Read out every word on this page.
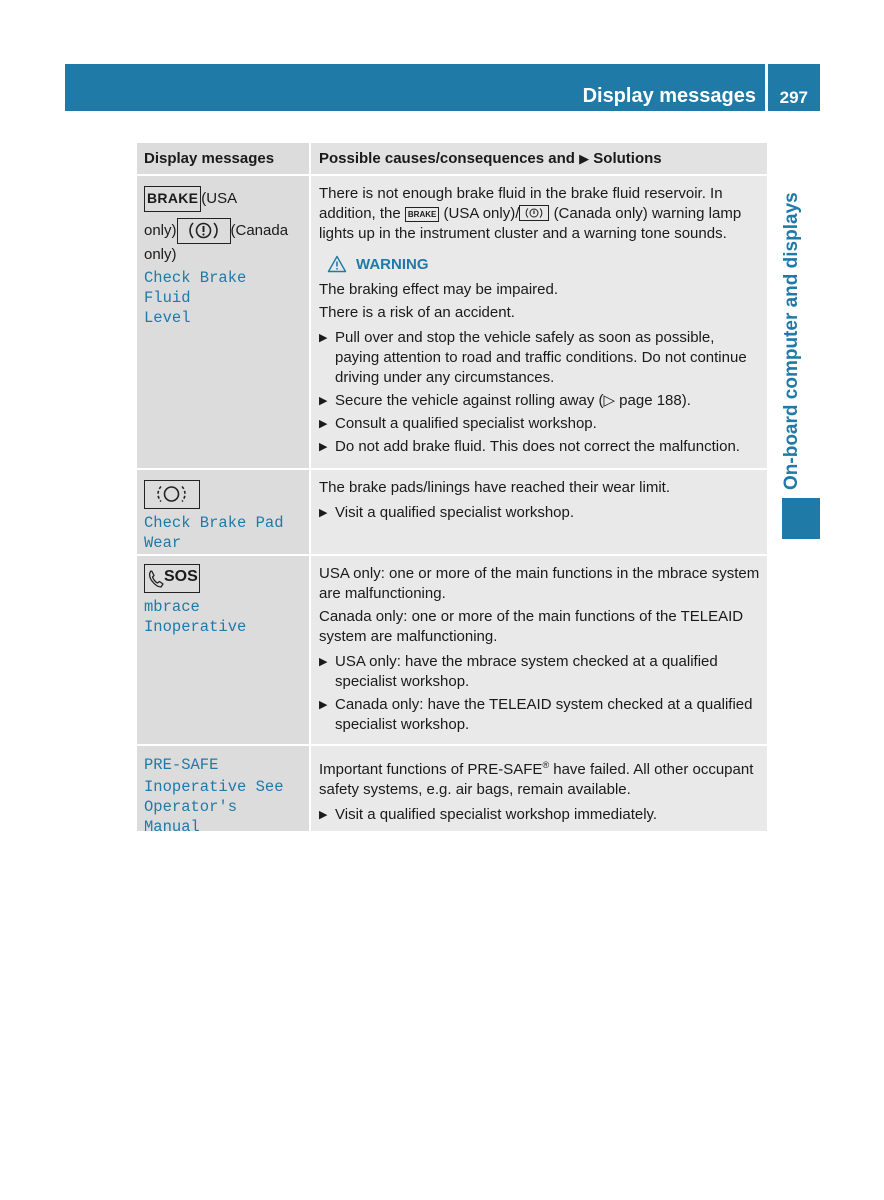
Display messages 297
On-board computer and displays
Display messages	Possible causes/consequences and ▶ Solutions
BRAKE (USA
only)	(Canada
only)
Check Brake Fluid
Level

There is not enough brake fluid in the brake fluid reservoir. In
addition, the BRAKE (USA only)/ (Canada only) warning lamp
lights up in the instrument cluster and a warning tone sounds.

WARNING

The braking effect may be impaired.

There is a risk of an accident.

▶ Pull over and stop the vehicle safely as soon as possible, paying attention to road and traffic conditions. Do not continue driving under any circumstances.
▶ Secure the vehicle against rolling away (▷ page 188).
▶ Consult a qualified specialist workshop.
▶ Do not add brake fluid. This does not correct the malfunction.
Check Brake Pad
Wear

The brake pads/linings have reached their wear limit.

▶ Visit a qualified specialist workshop.
SOS
mbrace Inoperative

USA only: one or more of the main functions in the mbrace system are malfunctioning.

Canada only: one or more of the main functions of the TELEAID system are malfunctioning.

▶ USA only: have the mbrace system checked at a qualified specialist workshop.
▶ Canada only: have the TELEAID system checked at a qualified specialist workshop.
PRE-SAFE
Inoperative See
Operator's Manual

Important functions of PRE-SAFE® have failed. All other occupant safety systems, e.g. air bags, remain available.

▶ Visit a qualified specialist workshop immediately.
